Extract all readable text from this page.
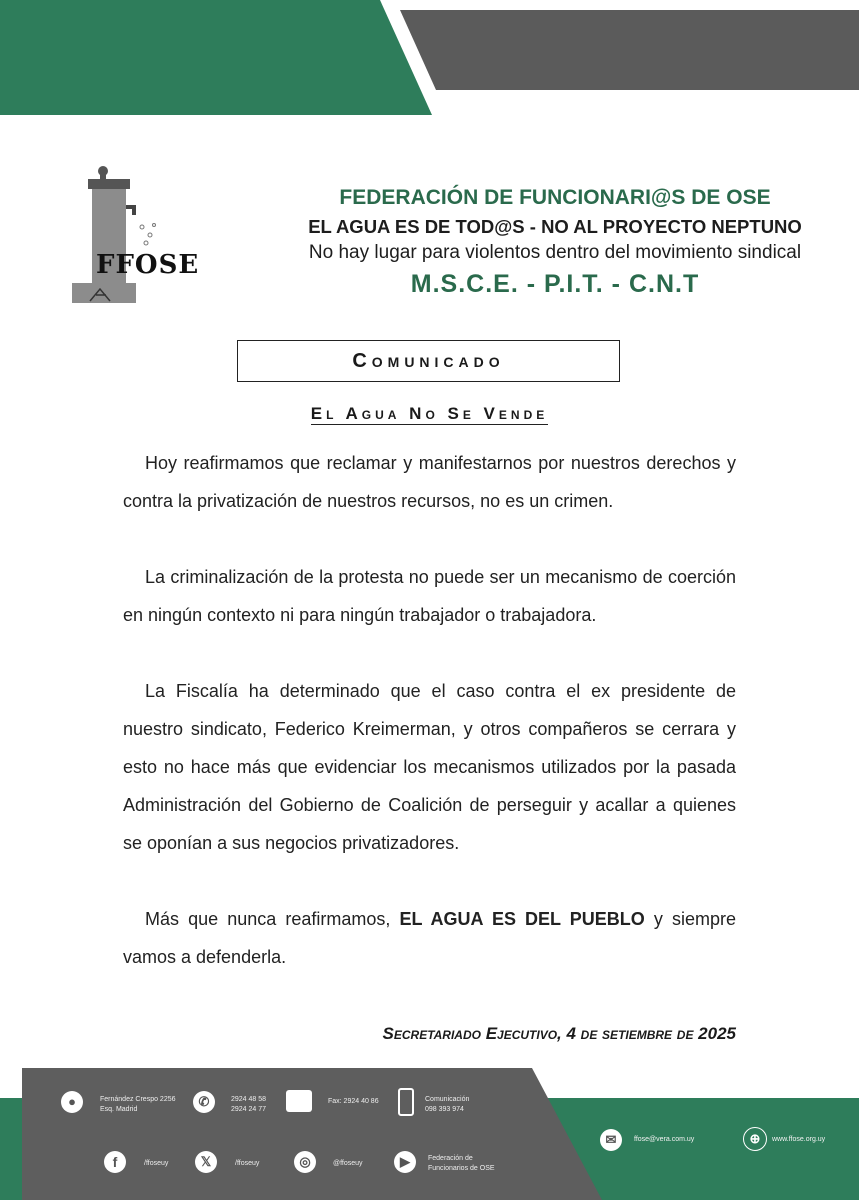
FFOSE
FEDERACIÓN DE FUNCIONARI@S DE OSE
EL AGUA ES DE TOD@S - NO AL PROYECTO NEPTUNO
No hay lugar para violentos dentro del movimiento sindical
M.S.C.E. - P.I.T. - C.N.T
Comunicado
El Agua No Se Vende

Hoy reafirmamos que reclamar y manifestarnos por nuestros derechos y contra la privatización de nuestros recursos, no es un crimen.

La criminalización de la protesta no puede ser un mecanismo de coerción en ningún contexto ni para ningún trabajador o trabajadora.

La Fiscalía ha determinado que el caso contra el ex presidente de nuestro sindicato, Federico Kreimerman, y otros compañeros se cerrara y esto no hace más que evidenciar los mecanismos utilizados por la pasada Administración del Gobierno de Coalición de perseguir y acallar a quienes se oponían a sus negocios privatizadores.

Más que nunca reafirmamos, EL AGUA ES DEL PUEBLO y siempre vamos a defenderla.

Secretariado Ejecutivo, 4 de setiembre de 2025
●	Fernández Crespo 2256
Esq. Madrid
✆	2924 48 58
2924 24 77
Fax: 2924 40 86	Comunicación
098 393 974
✉	ffose@vera.com.uy	⊕	www.ffose.org.uy
f	/ffoseuy	𝕏	/ffoseuy	◎	@ffoseuy	▶	Federación de
Funcionarios de OSE
